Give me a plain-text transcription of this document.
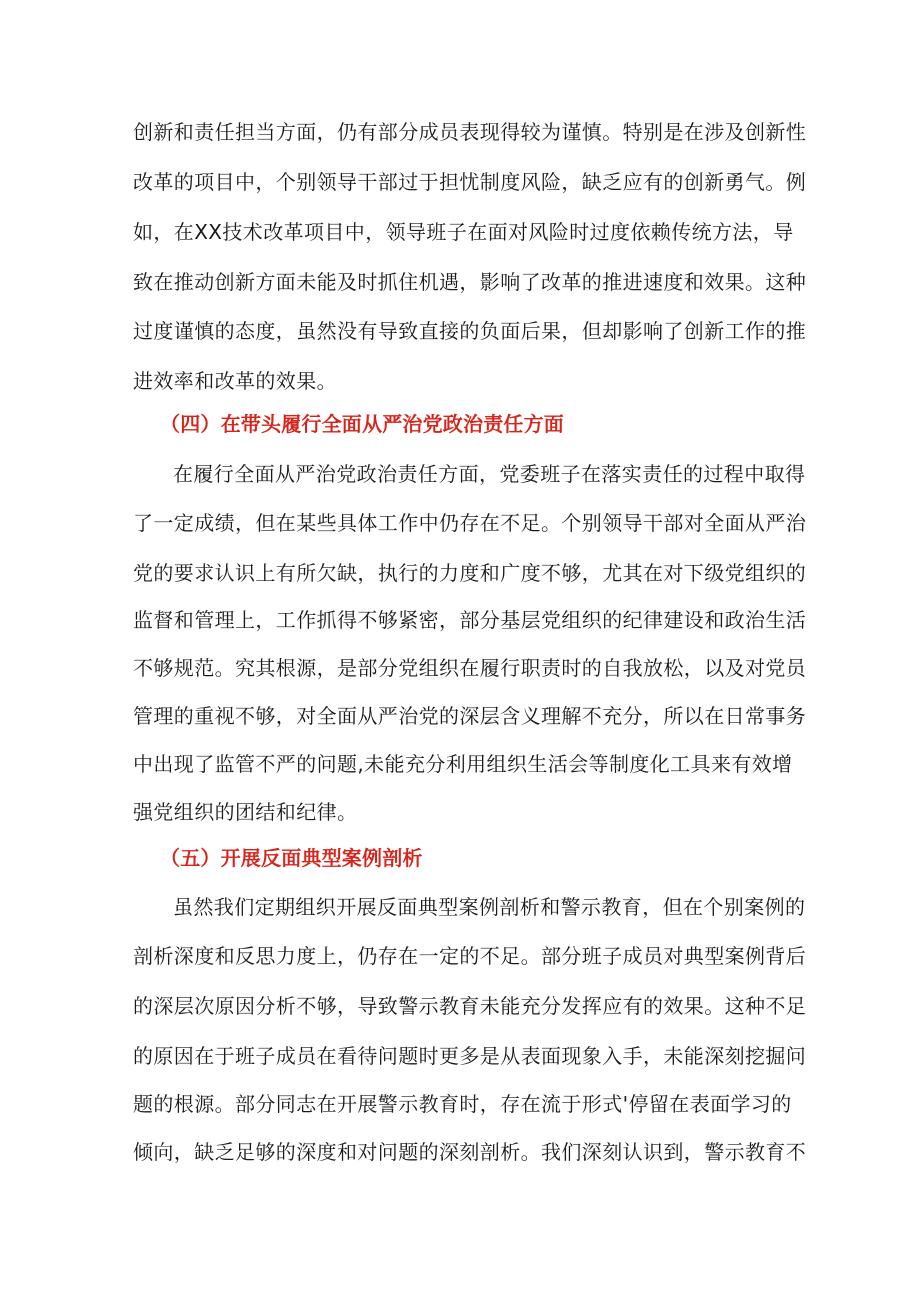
创新和责任担当方面，仍有部分成员表现得较为谨慎。特别是在涉及创新性
改革的项目中，个别领导干部过于担忧制度风险，缺乏应有的创新勇气。例
如，在XX技术改革项目中，领导班子在面对风险时过度依赖传统方法，导
致在推动创新方面未能及时抓住机遇，影响了改革的推进速度和效果。这种
过度谨慎的态度，虽然没有导致直接的负面后果，但却影响了创新工作的推
进效率和改革的效果。
（四）在带头履行全面从严治党政治责任方面
在履行全面从严治党政治责任方面，党委班子在落实责任的过程中取得
了一定成绩，但在某些具体工作中仍存在不足。个别领导干部对全面从严治
党的要求认识上有所欠缺，执行的力度和广度不够，尤其在对下级党组织的
监督和管理上，工作抓得不够紧密，部分基层党组织的纪律建设和政治生活
不够规范。究其根源，是部分党组织在履行职责时的自我放松，以及对党员
管理的重视不够，对全面从严治党的深层含义理解不充分，所以在日常事务
中出现了监管不严的问题,未能充分利用组织生活会等制度化工具来有效增
强党组织的团结和纪律。
（五）开展反面典型案例剖析
虽然我们定期组织开展反面典型案例剖析和警示教育，但在个别案例的
剖析深度和反思力度上，仍存在一定的不足。部分班子成员对典型案例背后
的深层次原因分析不够，导致警示教育未能充分发挥应有的效果。这种不足
的原因在于班子成员在看待问题时更多是从表面现象入手，未能深刻挖掘问
题的根源。部分同志在开展警示教育时，存在流于形式'停留在表面学习的
倾向，缺乏足够的深度和对问题的深刻剖析。我们深刻认识到，警示教育不
